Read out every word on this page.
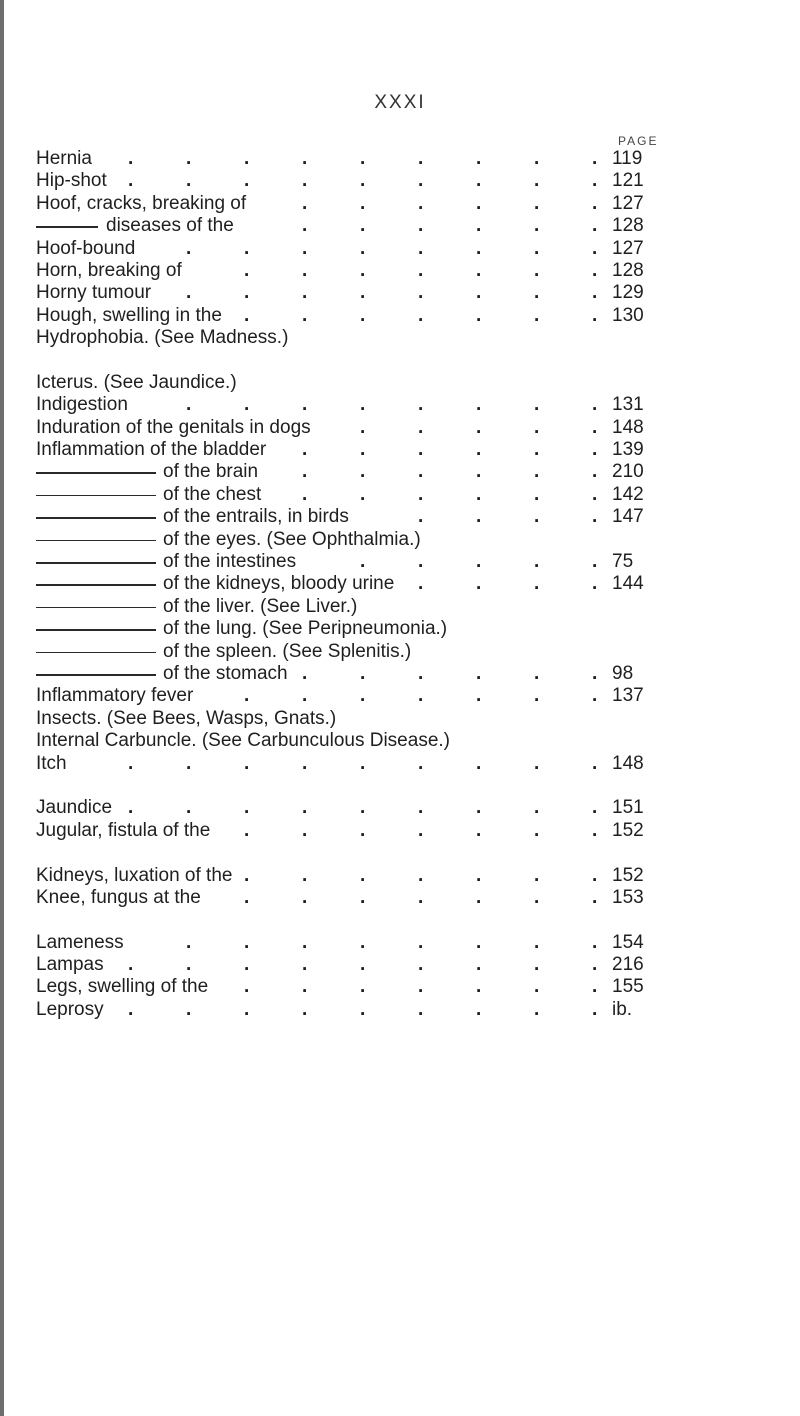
XXXI
PAGE
Hernia .	.	.	.	.	.	.	.	. 119
Hip-shot .	.	.	.	.	.	.	.	. 121
Hoof, cracks, breaking of	.	.	.	.	.	. 127
diseases of the	.	.	.	.	.	. 128
Hoof-bound	.	.	.	.	.	.	.	. 127
Horn, breaking of	.	.	.	.	.	.	. 128
Horny tumour .	.	.	.	.	.	.	. 129
Hough, swelling in the .	.	.	.	.	.	. 130
Hydrophobia. (See Madness.)
Icterus. (See Jaundice.)
Indigestion	.	.	.	.	.	.	.	. 131
Induration of the genitals in dogs	.	.	.	.	. 148
Inflammation of the bladder .	.	.	.	.	. 139
of the brain .	.	.	.	.	. 210
of the chest .	.	.	.	.	. 142
of the entrails, in birds	.	.	.	. 147
of the eyes. (See Ophthalmia.)
of the intestines	.	.	.	.	. 75
of the kidneys, bloody urine .	.	.	. 144
of the liver. (See Liver.)
of the lung. (See Peripneumonia.)
of the spleen. (See Splenitis.)
of the stomach .	.	.	.	.	. 98
Inflammatory fever	.	.	.	.	.	.	. 137
Insects. (See Bees, Wasps, Gnats.)
Internal Carbuncle. (See Carbunculous Disease.)
Itch	.	.	.	.	.	.	.	.	. 148
Jaundice .	.	.	.	.	.	.	.	. 151
Jugular, fistula of the .	.	.	.	.	.	. 152
Kidneys, luxation of the .	.	.	.	.	.	. 152
Knee, fungus at the .	.	.	.	.	.	. 153
Lameness	.	.	.	.	.	.	.	. 154
Lampas .	.	.	.	.	.	.	.	. 216
Legs, swelling of the .	.	.	.	.	.	. 155
Leprosy .	.	.	.	.	.	.	.	. ib.
